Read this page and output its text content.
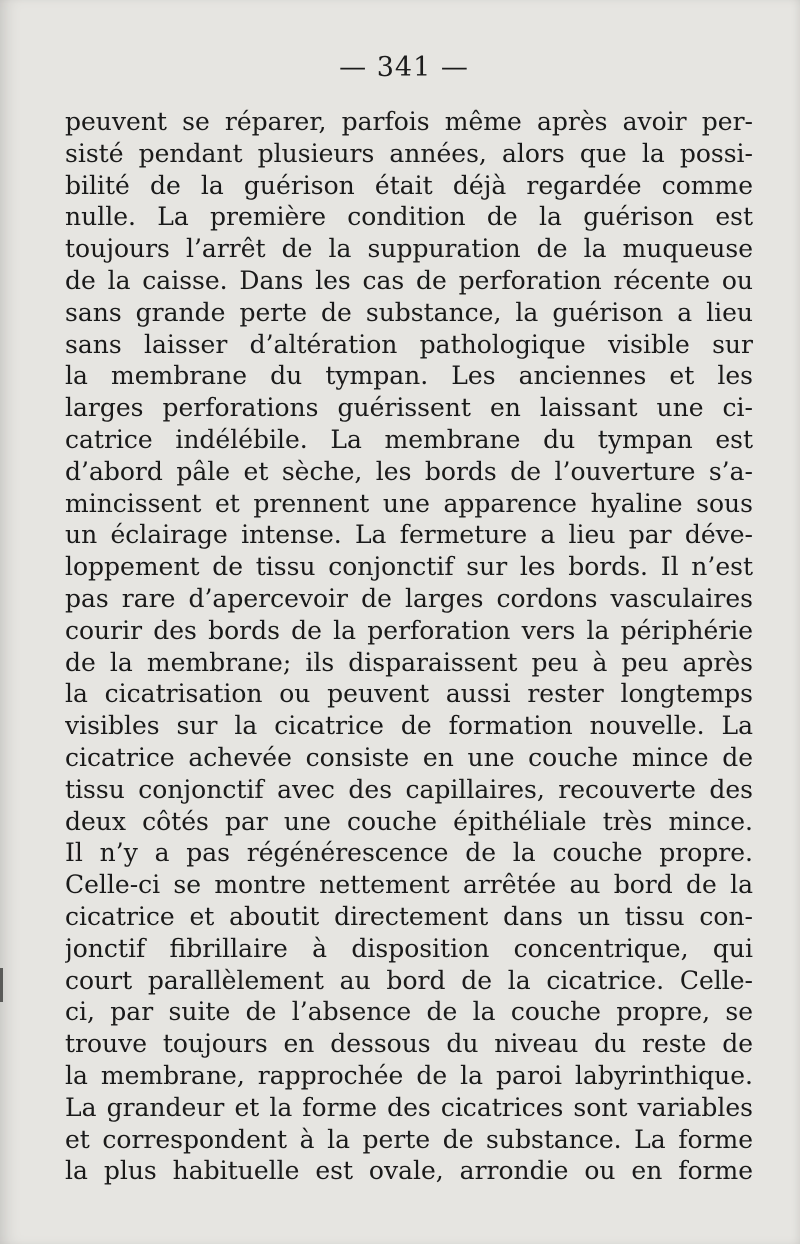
— 341 —
peuvent se réparer, parfois même après avoir per-
sisté pendant plusieurs années, alors que la possi-
bilité de la guérison était déjà regardée comme
nulle. La première condition de la guérison est
toujours l’arrêt de la suppuration de la muqueuse
de la caisse. Dans les cas de perforation récente ou
sans grande perte de substance, la guérison a lieu
sans laisser d’altération pathologique visible sur
la membrane du tympan. Les anciennes et les
larges perforations guérissent en laissant une ci-
catrice indélébile. La membrane du tympan est
d’abord pâle et sèche, les bords de l’ouverture s’a-
mincissent et prennent une apparence hyaline sous
un éclairage intense. La fermeture a lieu par déve-
loppement de tissu conjonctif sur les bords. Il n’est
pas rare d’apercevoir de larges cordons vasculaires
courir des bords de la perforation vers la périphérie
de la membrane; ils disparaissent peu à peu après
la cicatrisation ou peuvent aussi rester longtemps
visibles sur la cicatrice de formation nouvelle. La
cicatrice achevée consiste en une couche mince de
tissu conjonctif avec des capillaires, recouverte des
deux côtés par une couche épithéliale très mince.
Il n’y a pas régénérescence de la couche propre.
Celle-ci se montre nettement arrêtée au bord de la
cicatrice et aboutit directement dans un tissu con-
jonctif fibrillaire à disposition concentrique, qui
court parallèlement au bord de la cicatrice. Celle-
ci, par suite de l’absence de la couche propre, se
trouve toujours en dessous du niveau du reste de
la membrane, rapprochée de la paroi labyrinthique.
La grandeur et la forme des cicatrices sont variables
et correspondent à la perte de substance. La forme
la plus habituelle est ovale, arrondie ou en forme
